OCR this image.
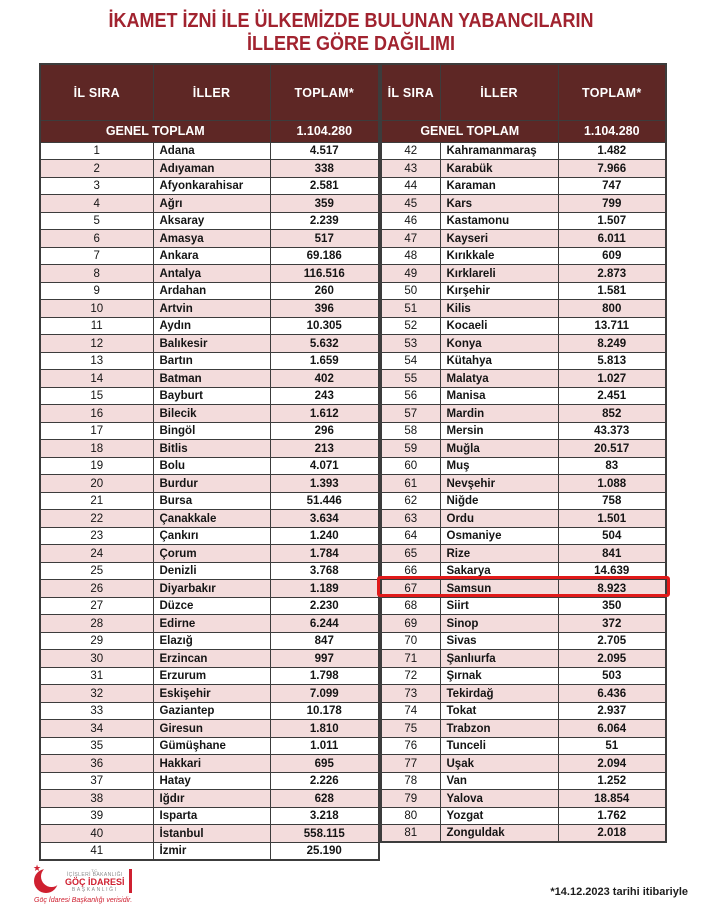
İKAMET İZNİ İLE ÜLKEMİZDE BULUNAN YABANCILARIN
İLLERE GÖRE DAĞILIMI
İL SIRA	İLLER	TOPLAM*
GENEL TOPLAM		1.104.280
1	Adana	4.517
2	Adıyaman	338
3	Afyonkarahisar	2.581
4	Ağrı	359
5	Aksaray	2.239
6	Amasya	517
7	Ankara	69.186
8	Antalya	116.516
9	Ardahan	260
10	Artvin	396
11	Aydın	10.305
12	Balıkesir	5.632
13	Bartın	1.659
14	Batman	402
15	Bayburt	243
16	Bilecik	1.612
17	Bingöl	296
18	Bitlis	213
19	Bolu	4.071
20	Burdur	1.393
21	Bursa	51.446
22	Çanakkale	3.634
23	Çankırı	1.240
24	Çorum	1.784
25	Denizli	3.768
26	Diyarbakır	1.189
27	Düzce	2.230
28	Edirne	6.244
29	Elazığ	847
30	Erzincan	997
31	Erzurum	1.798
32	Eskişehir	7.099
33	Gaziantep	10.178
34	Giresun	1.810
35	Gümüşhane	1.011
36	Hakkari	695
37	Hatay	2.226
38	Iğdır	628
39	Isparta	3.218
40	İstanbul	558.115
41	İzmir	25.190
İL SIRA	İLLER	TOPLAM*
GENEL TOPLAM		1.104.280
42	Kahramanmaraş	1.482
43	Karabük	7.966
44	Karaman	747
45	Kars	799
46	Kastamonu	1.507
47	Kayseri	6.011
48	Kırıkkale	609
49	Kırklareli	2.873
50	Kırşehir	1.581
51	Kilis	800
52	Kocaeli	13.711
53	Konya	8.249
54	Kütahya	5.813
55	Malatya	1.027
56	Manisa	2.451
57	Mardin	852
58	Mersin	43.373
59	Muğla	20.517
60	Muş	83
61	Nevşehir	1.088
62	Niğde	758
63	Ordu	1.501
64	Osmaniye	504
65	Rize	841
66	Sakarya	14.639
67	Samsun	8.923
68	Siirt	350
69	Sinop	372
70	Sivas	2.705
71	Şanlıurfa	2.095
72	Şırnak	503
73	Tekirdağ	6.436
74	Tokat	2.937
75	Trabzon	6.064
76	Tunceli	51
77	Uşak	2.094
78	Van	1.252
79	Yalova	18.854
80	Yozgat	1.762
81	Zonguldak	2.018
★	T.C.
İÇİŞLERİ BAKANLIĞI
GÖÇ İDARESİ
BAŞKANLIĞI
Göç İdaresi Başkanlığı verisidir.
*14.12.2023 tarihi itibariyle
